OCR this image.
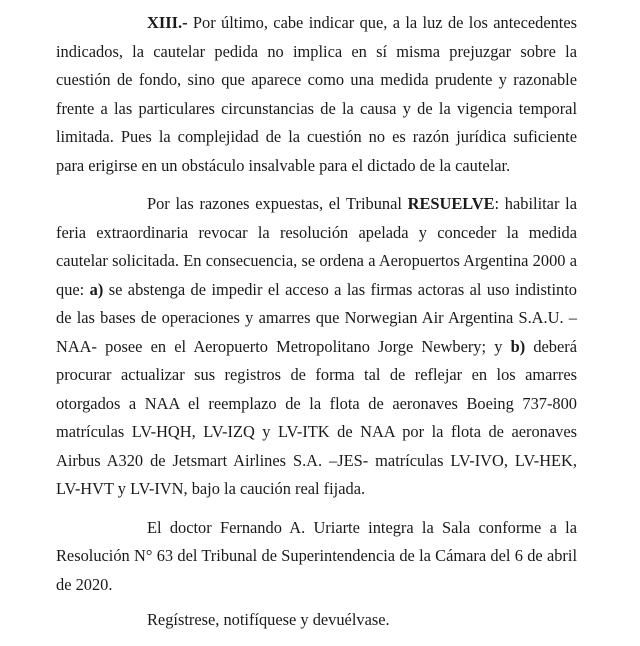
XIII.- Por último, cabe indicar que, a la luz de los antecedentes indicados, la cautelar pedida no implica en sí misma prejuzgar sobre la cuestión de fondo, sino que aparece como una medida prudente y razonable frente a las particulares circunstancias de la causa y de la vigencia temporal limitada. Pues la complejidad de la cuestión no es razón jurídica suficiente para erigirse en un obstáculo insalvable para el dictado de la cautelar.

Por las razones expuestas, el Tribunal RESUELVE: habilitar la feria extraordinaria revocar la resolución apelada y conceder la medida cautelar solicitada. En consecuencia, se ordena a Aeropuertos Argentina 2000 a que: a) se abstenga de impedir el acceso a las firmas actoras al uso indistinto de las bases de operaciones y amarres que Norwegian Air Argentina S.A.U. –NAA- posee en el Aeropuerto Metropolitano Jorge Newbery; y b) deberá procurar actualizar sus registros de forma tal de reflejar en los amarres otorgados a NAA el reemplazo de la flota de aeronaves Boeing 737-800 matrículas LV-HQH, LV-IZQ y LV-ITK de NAA por la flota de aeronaves Airbus A320 de Jetsmart Airlines S.A. –JES- matrículas LV-IVO, LV-HEK, LV-HVT y LV-IVN, bajo la caución real fijada.

El doctor Fernando A. Uriarte integra la Sala conforme a la Resolución N° 63 del Tribunal de Superintendencia de la Cámara del 6 de abril de 2020.

Regístrese, notifíquese y devuélvase.
